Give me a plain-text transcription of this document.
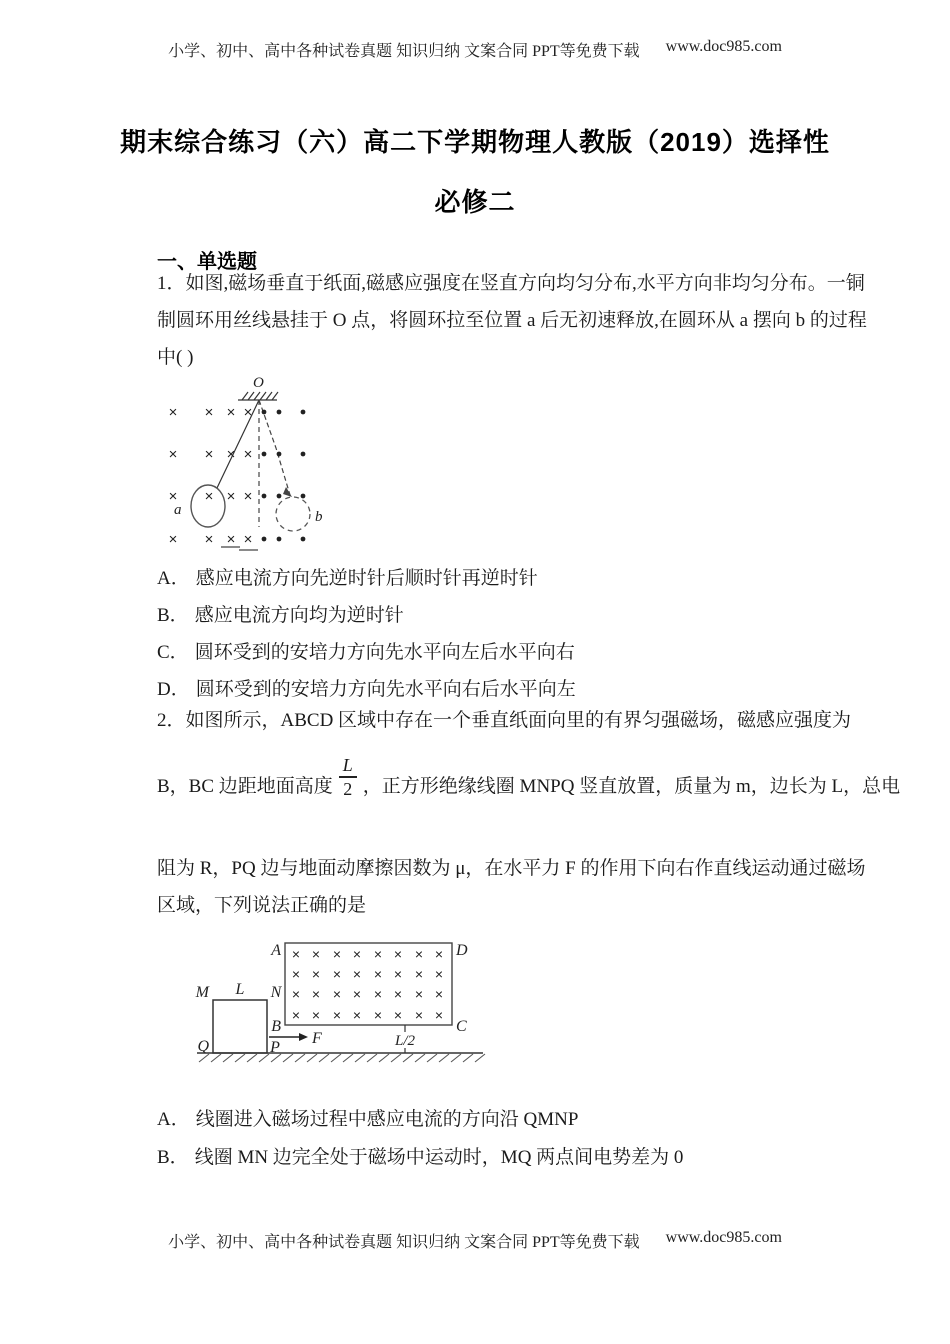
小学、初中、高中各种试卷真题 知识归纳 文案合同 PPT等免费下载 www.doc985.com
期末综合练习（六）高二下学期物理人教版（2019）选择性
必修二
一、单选题
1．如图,磁场垂直于纸面,磁感应强度在竖直方向均匀分布,水平方向非均匀分布。一铜
制圆环用丝线悬挂于 O 点，将圆环拉至位置 a 后无初速释放,在圆环从 a 摆向 b 的过程
中( )
O
a	b
× × × ×
× × × ×
× × × ×
× × × ×
A． 感应电流方向先逆时针后顺时针再逆时针
B． 感应电流方向均为逆时针
C． 圆环受到的安培力方向先水平向左后水平向右
D． 圆环受到的安培力方向先水平向右后水平向左
2．如图所示，ABCD 区域中存在一个垂直纸面向里的有界匀强磁场，磁感应强度为
B，BC 边距地面高度 $\frac{L}{2}$ ，正方形绝缘线圈 MNPQ 竖直放置，质量为 m，边长为 L，总电
阻为 R，PQ 边与地面动摩擦因数为 μ，在水平力 F 的作用下向右作直线运动通过磁场
区域，下列说法正确的是
A	D
B	C
× × × × × × × ×
× × × × × × × ×
× × × × × × × ×
× × × × × × × ×
M L N
Q	P
F	L/2
A． 线圈进入磁场过程中感应电流的方向沿 QMNP
B． 线圈 MN 边完全处于磁场中运动时，MQ 两点间电势差为 0
小学、初中、高中各种试卷真题 知识归纳 文案合同 PPT等免费下载 www.doc985.com
